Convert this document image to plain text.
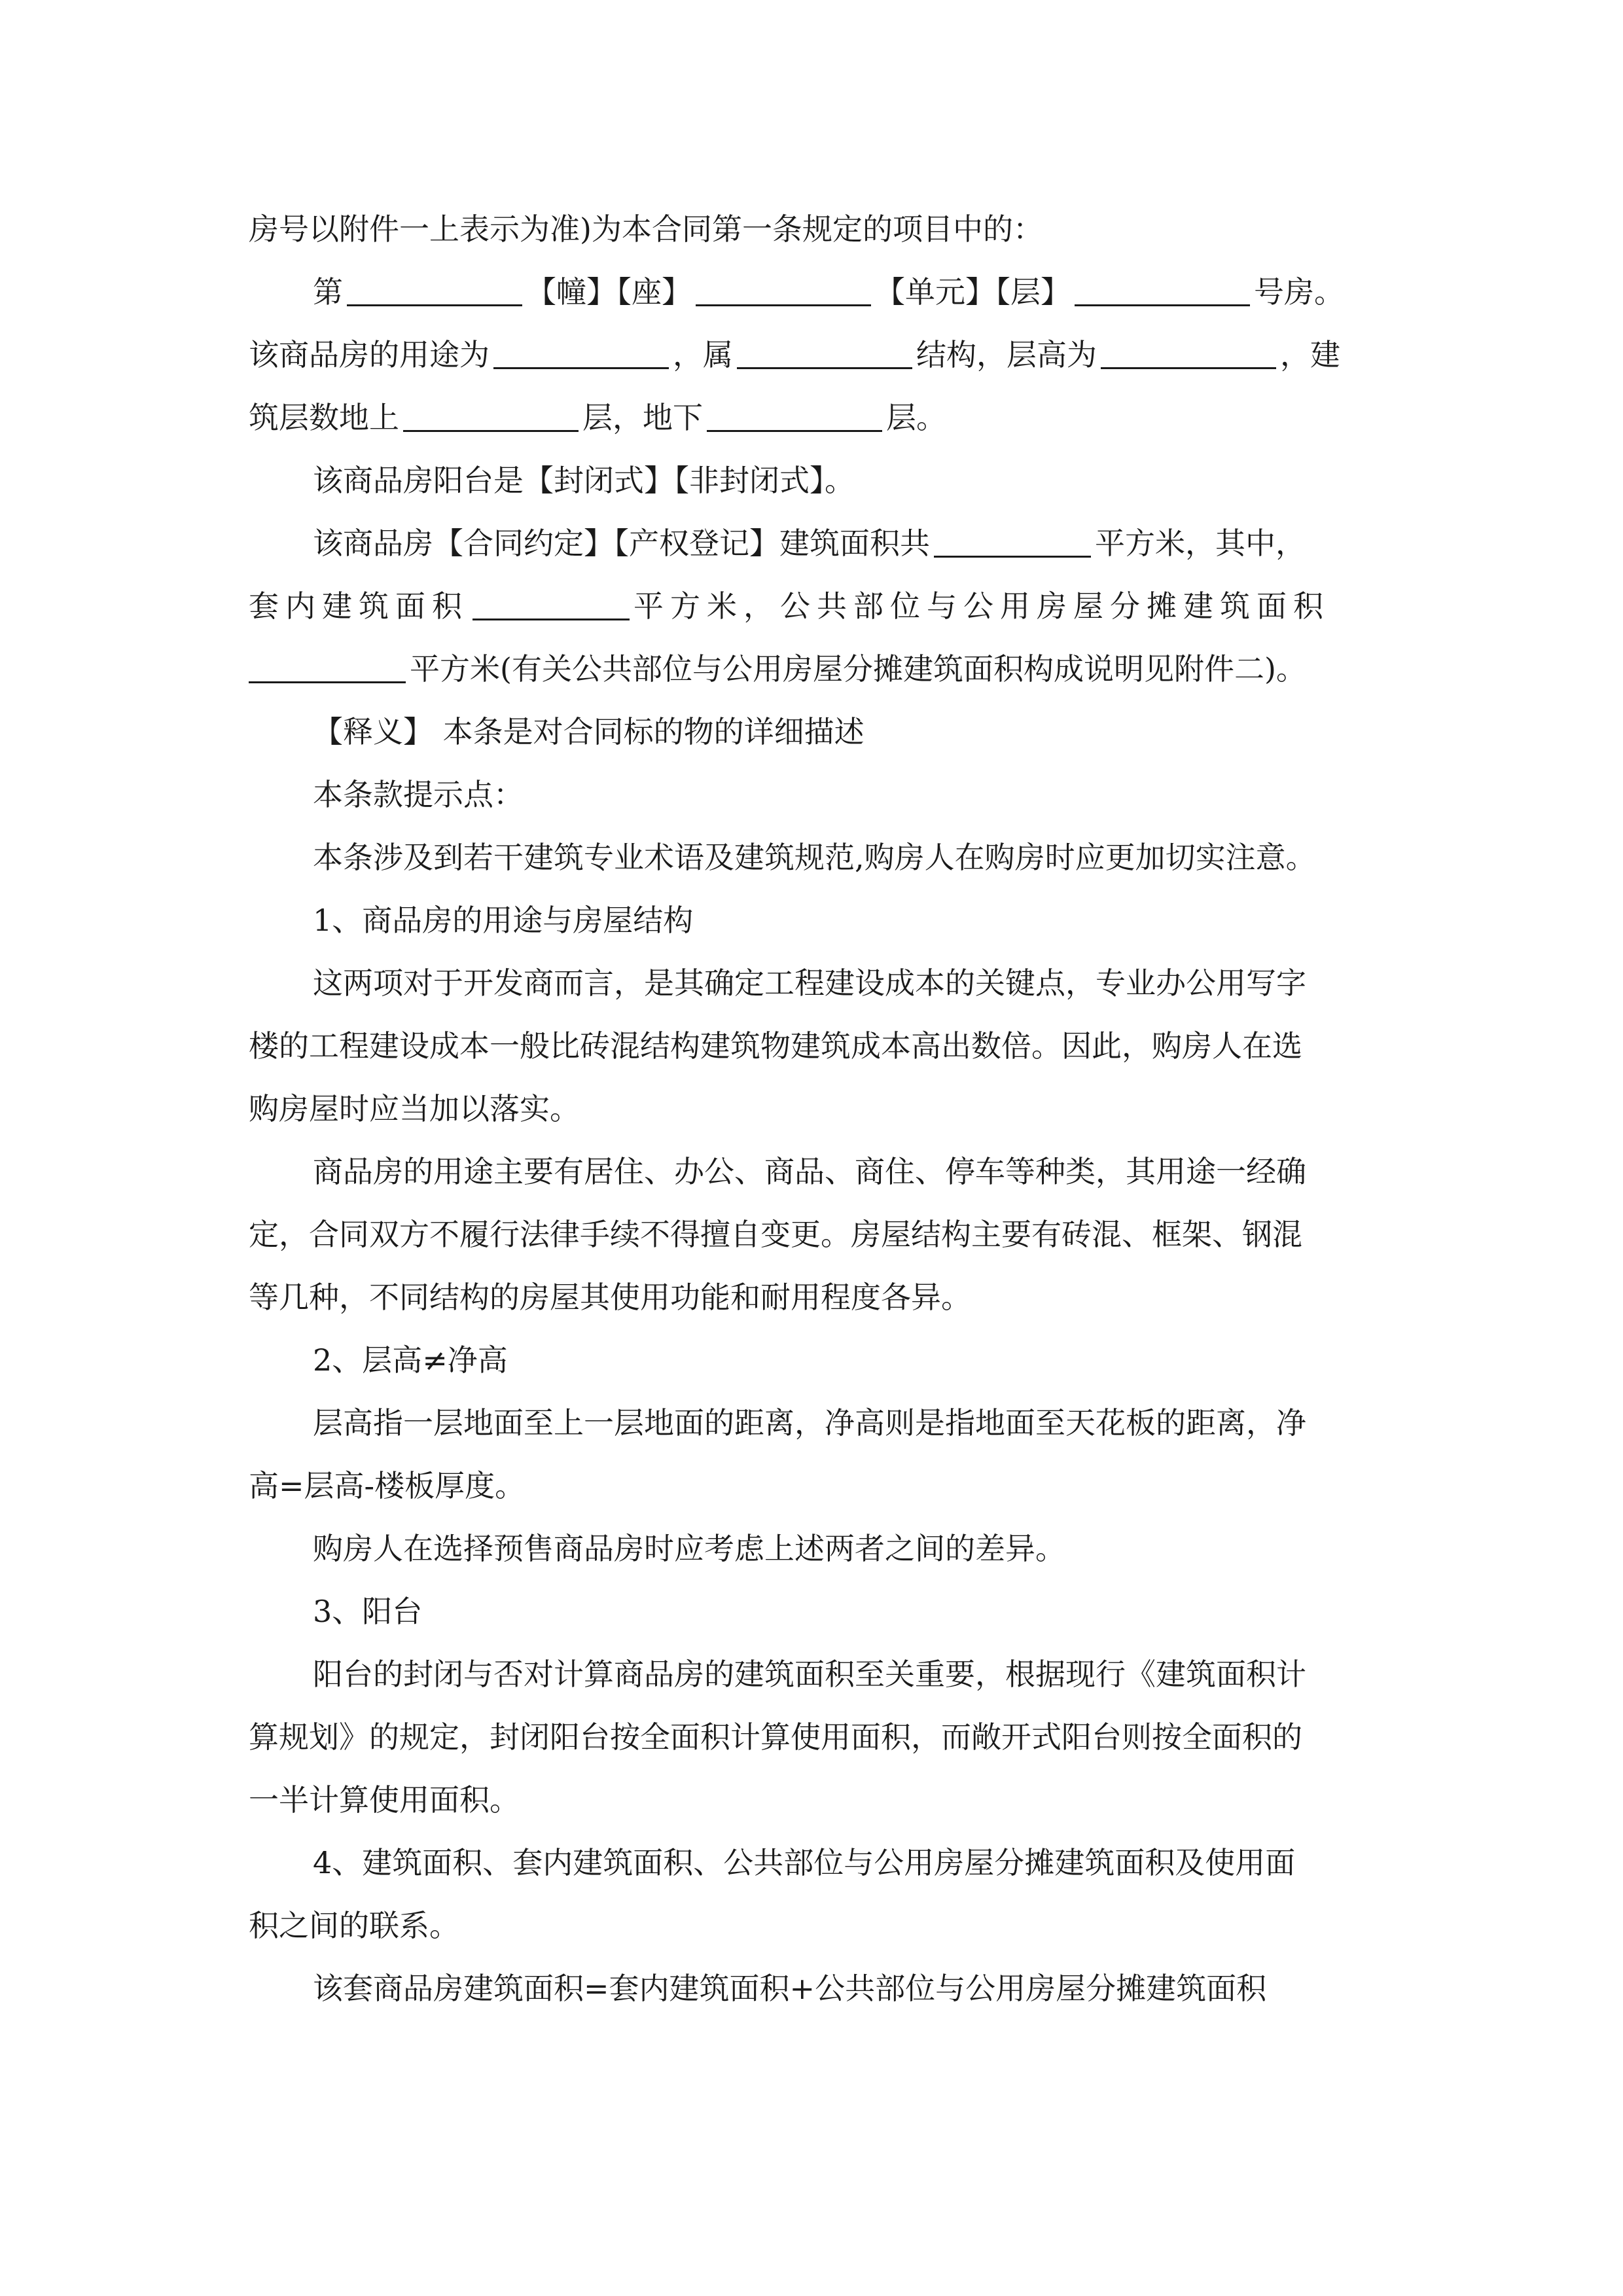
房号以附件一上表示为准)为本合同第一条规定的项目中的：
第	【幢】【座】	【单元】【层】	号房。
该商品房的用途为	，属	结构，层高为	，建
筑层数地上	层，地下	层。
该商品房阳台是【封闭式】【非封闭式】。
该商品房【合同约定】【产权登记】建筑面积共	平方米，其中，
套内建筑面积	平方米，公共部位与公用房屋分摊建筑面积
平方米(有关公共部位与公用房屋分摊建筑面积构成说明见附件二)。
【释义】 本条是对合同标的物的详细描述
本条款提示点：
本条涉及到若干建筑专业术语及建筑规范,购房人在购房时应更加切实注意。
1、商品房的用途与房屋结构
这两项对于开发商而言，是其确定工程建设成本的关键点，专业办公用写字
楼的工程建设成本一般比砖混结构建筑物建筑成本高出数倍。因此，购房人在选
购房屋时应当加以落实。
商品房的用途主要有居住、办公、商品、商住、停车等种类，其用途一经确
定，合同双方不履行法律手续不得擅自变更。房屋结构主要有砖混、框架、钢混
等几种，不同结构的房屋其使用功能和耐用程度各异。
2、层高≠净高
层高指一层地面至上一层地面的距离，净高则是指地面至天花板的距离，净
高=层高-楼板厚度。
购房人在选择预售商品房时应考虑上述两者之间的差异。
3、阳台
阳台的封闭与否对计算商品房的建筑面积至关重要，根据现行《建筑面积计
算规划》的规定，封闭阳台按全面积计算使用面积，而敞开式阳台则按全面积的
一半计算使用面积。
4、建筑面积、套内建筑面积、公共部位与公用房屋分摊建筑面积及使用面
积之间的联系。
该套商品房建筑面积=套内建筑面积+公共部位与公用房屋分摊建筑面积
